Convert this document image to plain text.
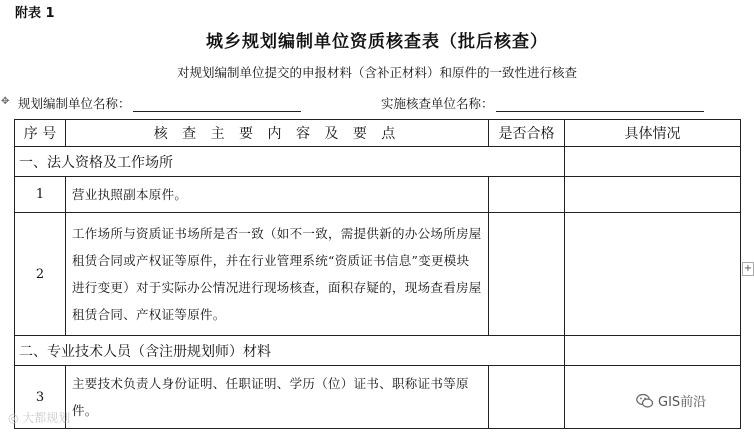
附表 1
城乡规划编制单位资质核查表（批后核查）
对规划编制单位提交的申报材料（含补正材料）和原件的一致性进行核查
✥ 规划编制单位名称：	实施核查单位名称：
序 号	核 查 主 要 内 容 及 要 点	是否合格	具体情况
一、法人资格及工作场所			
1	营业执照副本原件。		
2	工作场所与资质证书场所是否一致（如不一致，需提供新的办公场所房屋租赁合同或产权证等原件，并在行业管理系统“资质证书信息”变更模块进行变更）对于实际办公情况进行现场核查，面积存疑的，现场查看房屋租赁合同、产权证等原件。		
二、专业技术人员（含注册规划师）材料			
3	主要技术负责人身份证明、任职证明、学历（位）证书、职称证书等原件。		
+
◎ 大都规划
GIS前沿
